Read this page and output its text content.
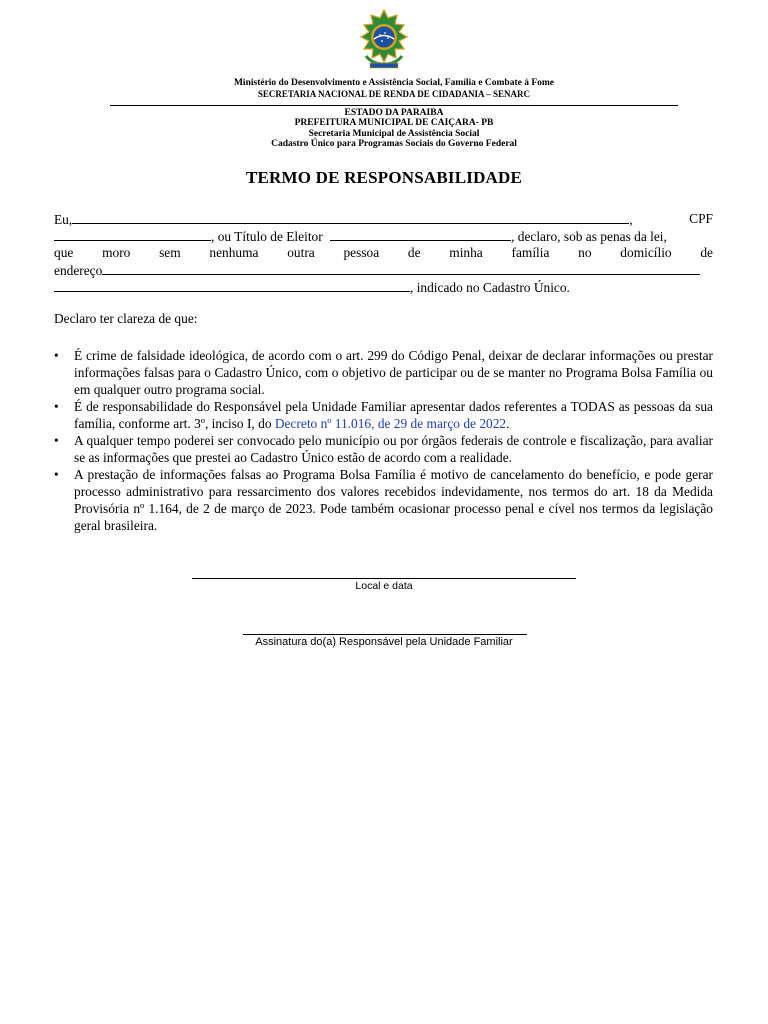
Ministério do Desenvolvimento e Assistência Social, Família e Combate à Fome
SECRETARIA NACIONAL DE RENDA DE CIDADANIA – SENARC
ESTADO DA PARAIBA
PREFEITURA MUNICIPAL DE CAIÇARA- PB
Secretaria Municipal de Assistência Social
Cadastro Único para Programas Sociais do Governo Federal
TERMO DE RESPONSABILIDADE
Eu,	,	CPF
, ou Título de Eleitor	, declaro, sob as penas da lei,
que moro sem nenhuma outra pessoa de minha família no domicílio de
endereço
, indicado no Cadastro Único.
Declaro ter clareza de que:

• É crime de falsidade ideológica, de acordo com o art. 299 do Código Penal, deixar de declarar informações ou prestar informações falsas para o Cadastro Único, com o objetivo de participar ou de se manter no Programa Bolsa Família ou em qualquer outro programa social.

• É de responsabilidade do Responsável pela Unidade Familiar apresentar dados referentes a TODAS as pessoas da sua família, conforme art. 3º, inciso I, do Decreto nº 11.016, de 29 de março de 2022.

• A qualquer tempo poderei ser convocado pelo município ou por órgãos federais de controle e fiscalização, para avaliar se as informações que prestei ao Cadastro Único estão de acordo com a realidade.

• A prestação de informações falsas ao Programa Bolsa Família é motivo de cancelamento do benefício, e pode gerar processo administrativo para ressarcimento dos valores recebidos indevidamente, nos termos do art. 18 da Medida Provisória nº 1.164, de 2 de março de 2023. Pode também ocasionar processo penal e cível nos termos da legislação geral brasileira.

Local e data
Assinatura do(a) Responsável pela Unidade Familiar
